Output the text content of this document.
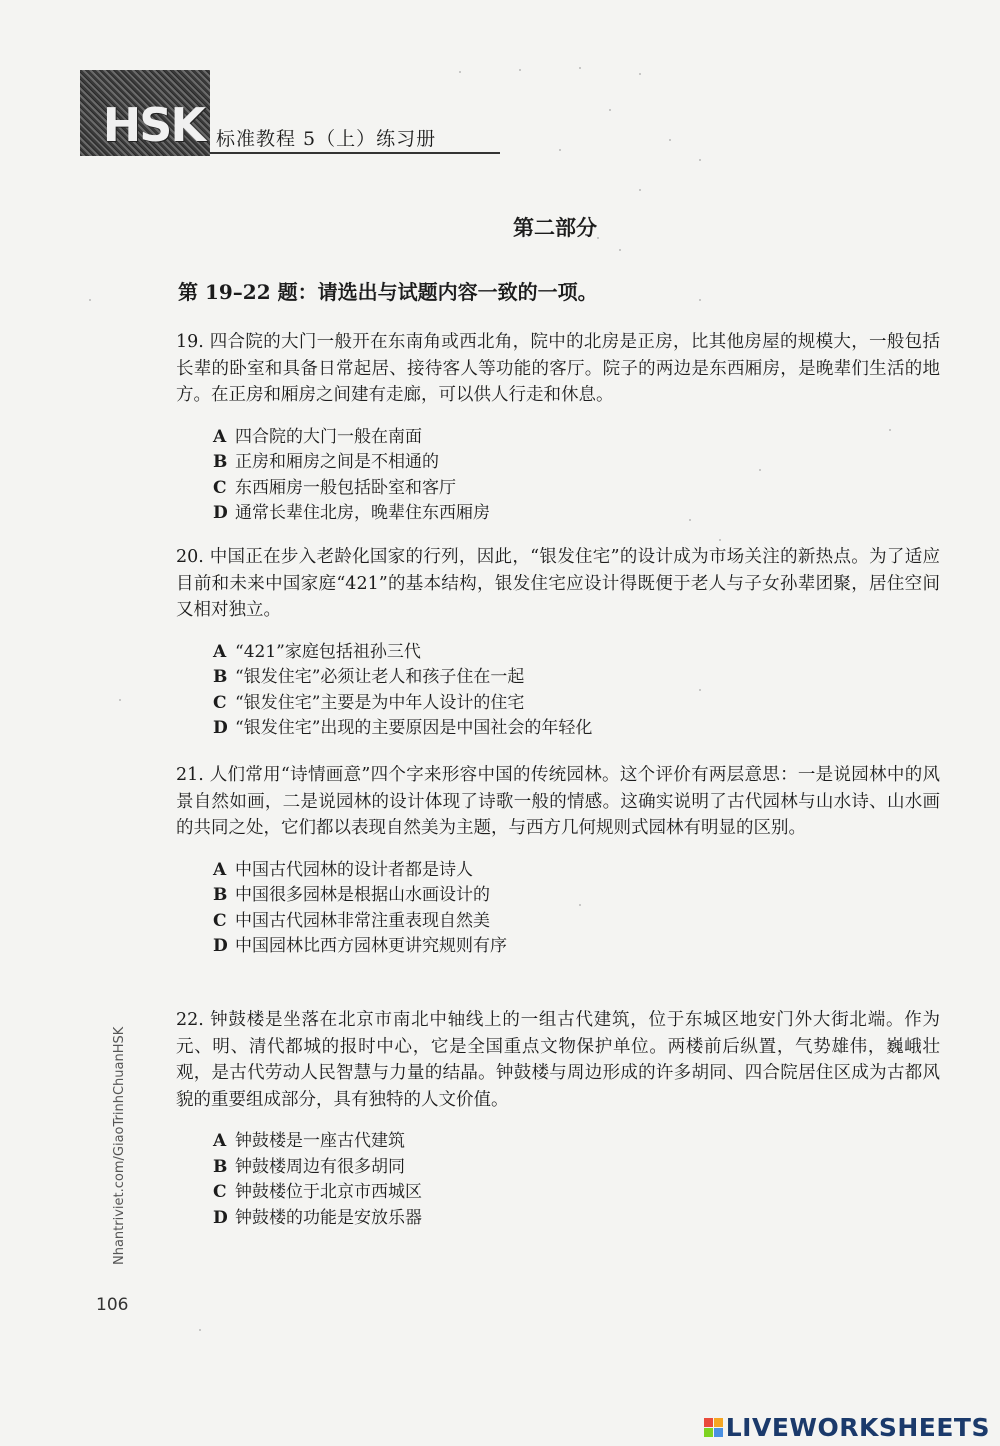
HSK 标准教程 5（上）练习册
第二部分
第 19–22 题：请选出与试题内容一致的一项。
19. 四合院的大门一般开在东南角或西北角，院中的北房是正房，比其他房屋的规模大，一般包括长辈的卧室和具备日常起居、接待客人等功能的客厅。院子的两边是东西厢房，是晚辈们生活的地方。在正房和厢房之间建有走廊，可以供人行走和休息。
A 四合院的大门一般在南面
B 正房和厢房之间是不相通的
C 东西厢房一般包括卧室和客厅
D 通常长辈住北房，晚辈住东西厢房
20. 中国正在步入老龄化国家的行列，因此，“银发住宅”的设计成为市场关注的新热点。为了适应目前和未来中国家庭“421”的基本结构，银发住宅应设计得既便于老人与子女孙辈团聚，居住空间又相对独立。
A “421”家庭包括祖孙三代
B “银发住宅”必须让老人和孩子住在一起
C “银发住宅”主要是为中年人设计的住宅
D “银发住宅”出现的主要原因是中国社会的年轻化
21. 人们常用“诗情画意”四个字来形容中国的传统园林。这个评价有两层意思：一是说园林中的风景自然如画，二是说园林的设计体现了诗歌一般的情感。这确实说明了古代园林与山水诗、山水画的共同之处，它们都以表现自然美为主题，与西方几何规则式园林有明显的区别。
A 中国古代园林的设计者都是诗人
B 中国很多园林是根据山水画设计的
C 中国古代园林非常注重表现自然美
D 中国园林比西方园林更讲究规则有序
22. 钟鼓楼是坐落在北京市南北中轴线上的一组古代建筑，位于东城区地安门外大街北端。作为元、明、清代都城的报时中心，它是全国重点文物保护单位。两楼前后纵置，气势雄伟，巍峨壮观，是古代劳动人民智慧与力量的结晶。钟鼓楼与周边形成的许多胡同、四合院居住区成为古都风貌的重要组成部分，具有独特的人文价值。
A 钟鼓楼是一座古代建筑
B 钟鼓楼周边有很多胡同
C 钟鼓楼位于北京市西城区
D 钟鼓楼的功能是安放乐器
Nhantriviet.com/GiaoTrinhChuanHSK
106
LIVEWORKSHEETS
